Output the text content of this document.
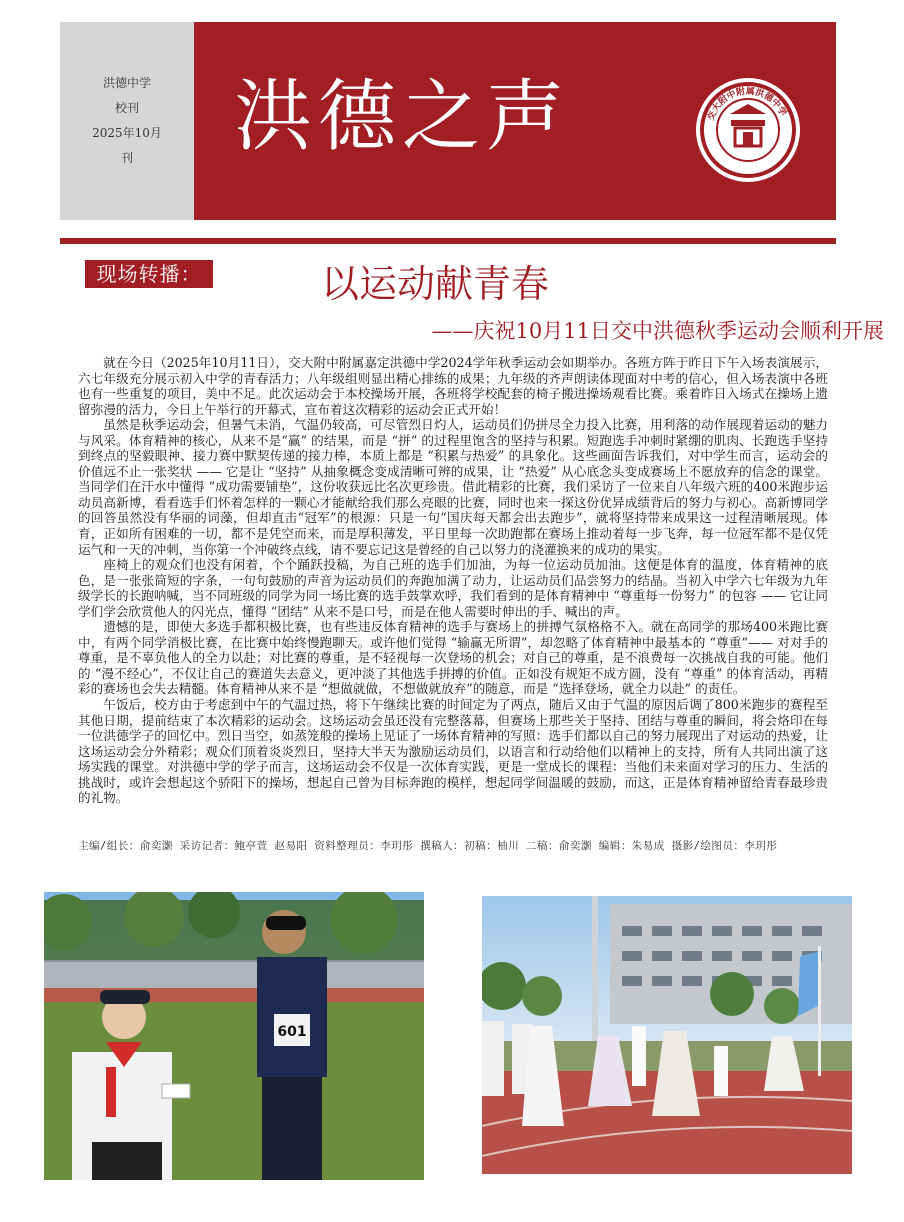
洪德中学
校刊
2025年10月
刊 洪德之声	交大附中附属洪德中学
现场转播：	以运动献青春
——庆祝10月11日交中洪德秋季运动会顺利开展

就在今日（2025年10月11日），交大附中附属嘉定洪德中学2024学年秋季运动会如期举办。各班方阵于昨日下午入场表演展示，六七年级充分展示初入中学的青春活力；八年级组则显出精心排练的成果；九年级的齐声朗读体现面对中考的信心，但入场表演中各班也有一些重复的项目，美中不足。此次运动会于本校操场开展，各班将学校配套的椅子搬进操场观看比赛。乘着昨日入场式在操场上遗留弥漫的活力，今日上午举行的开幕式，宣布着这次精彩的运动会正式开始！

虽然是秋季运动会，但暑气未消，气温仍较高，可尽管烈日灼人，运动员们仍拼尽全力投入比赛，用利落的动作展现着运动的魅力与风采。体育精神的核心，从来不是“赢” 的结果，而是 “拼” 的过程里饱含的坚持与积累。短跑选手冲刺时紧绷的肌肉、长跑选手坚持到终点的坚毅眼神、接力赛中默契传递的接力棒，本质上都是 “积累与热爱” 的具象化。这些画面告诉我们，对中学生而言，运动会的价值远不止一张奖状 —— 它是让 “坚持” 从抽象概念变成清晰可辨的成果，让 “热爱” 从心底念头变成赛场上不愿放弃的信念的课堂。当同学们在汗水中懂得 “成功需要铺垫”，这份收获远比名次更珍贵。借此精彩的比赛，我们采访了一位来自八年级六班的400米跑步运动员高新博，看看选手们怀着怎样的一颗心才能献给我们那么亮眼的比赛，同时也来一探这份优异成绩背后的努力与初心。高新博同学的回答虽然没有华丽的词藻，但却直击“冠军”的根源：只是一句“国庆每天都会出去跑步”，就将坚持带来成果这一过程清晰展现。体育，正如所有困难的一切，都不是凭空而来，而是厚积薄发，平日里每一次助跑都在赛场上推动着每一步飞奔，每一位冠军都不是仅凭运气和一天的冲刺，当你第一个冲破终点线，请不要忘记这是曾经的自己以努力的浇灌换来的成功的果实。

座椅上的观众们也没有闲着，个个踊跃投稿，为自己班的选手们加油，为每一位运动员加油。这便是体育的温度，体育精神的底色，是一张张简短的字条，一句句鼓励的声音为运动员们的奔跑加满了动力，让运动员们品尝努力的结晶。当初入中学六七年级为九年级学长的长跑呐喊，当不同班级的同学为同一场比赛的选手鼓掌欢呼，我们看到的是体育精神中 “尊重每一份努力” 的包容 —— 它让同学们学会欣赏他人的闪光点，懂得 “团结” 从来不是口号，而是在他人需要时伸出的手、喊出的声。

遗憾的是，即使大多选手都积极比赛，也有些违反体育精神的选手与赛场上的拼搏气氛格格不入。就在高同学的那场400米跑比赛中，有两个同学消极比赛，在比赛中始终慢跑聊天。或许他们觉得 “输赢无所谓”，却忽略了体育精神中最基本的 “尊重”—— 对对手的尊重，是不辜负他人的全力以赴；对比赛的尊重，是不轻视每一次登场的机会；对自己的尊重，是不浪费每一次挑战自我的可能。他们的 “漫不经心”，不仅让自己的赛道失去意义，更冲淡了其他选手拼搏的价值。正如没有规矩不成方圆，没有 “尊重” 的体育活动，再精彩的赛场也会失去精髓。体育精神从来不是 “想做就做，不想做就放弃”的随意，而是 “选择登场，就全力以赴” 的责任。

午饭后，校方由于考虑到中午的气温过热，将下午继续比赛的时间定为了两点，随后又由于气温的原因后调了800米跑步的赛程至其他日期，提前结束了本次精彩的运动会。这场运动会虽还没有完整落幕，但赛场上那些关于坚持、团结与尊重的瞬间，将会烙印在每一位洪德学子的回忆中。烈日当空，如蒸笼般的操场上见证了一场体育精神的写照：选手们都以自己的努力展现出了对运动的热爱，让这场运动会分外精彩；观众们顶着炎炎烈日，坚持大半天为激励运动员们，以语言和行动给他们以精神上的支持，所有人共同出演了这场实践的课堂。对洪德中学的学子而言，这场运动会不仅是一次体育实践，更是一堂成长的课程：当他们未来面对学习的压力、生活的挑战时，或许会想起这个骄阳下的操场，想起自己曾为目标奔跑的模样，想起同学间温暖的鼓励，而这，正是体育精神留给青春最珍贵的礼物。

主编/组长：俞奕灏 采访记者：鲍亭萱 赵易阳 资料整理员：李玥彤 撰稿人：初稿：柚川 二稿：俞奕灏 编辑：朱易成 摄影/绘图员：李玥彤
601
